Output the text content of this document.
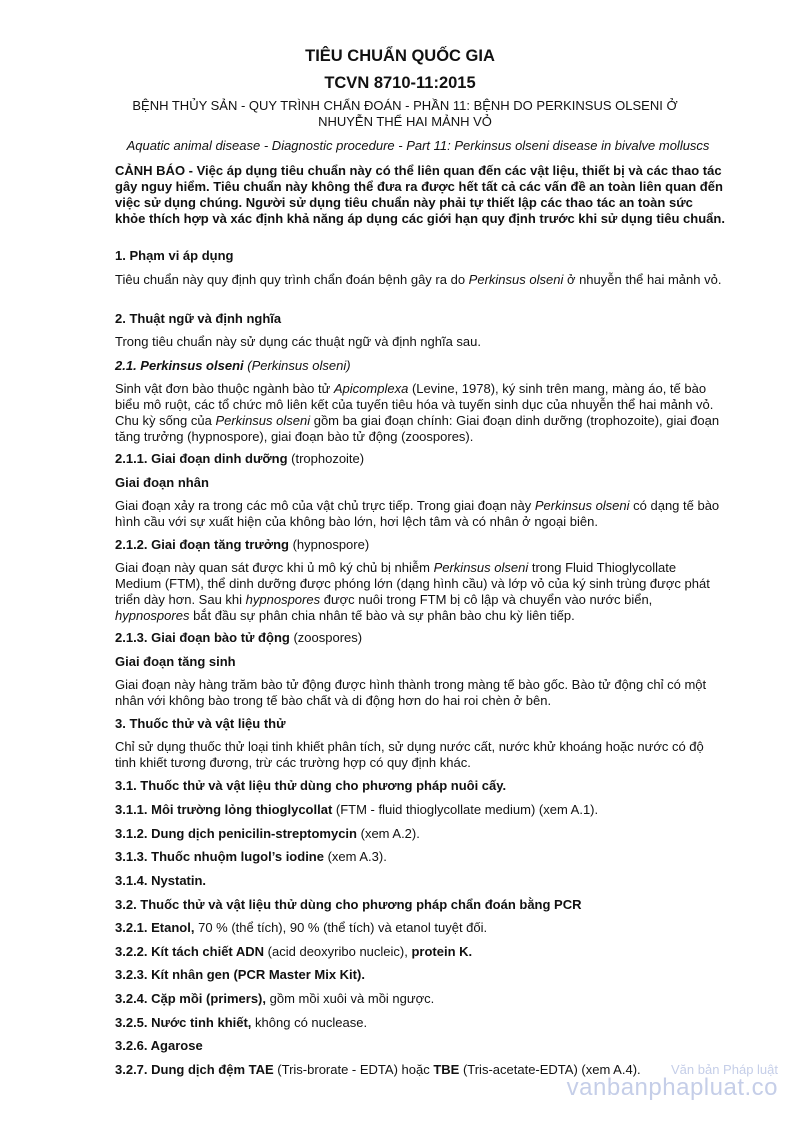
TIÊU CHUẨN QUỐC GIA
TCVN 8710-11:2015
BỆNH THỦY SẢN - QUY TRÌNH CHẨN ĐOÁN - PHẦN 11: BỆNH DO PERKINSUS OLSENI Ở
NHUYỄN THỂ HAI MẢNH VỎ
Aquatic animal disease - Diagnostic procedure - Part 11: Perkinsus olseni disease in bivalve molluscs

CẢNH BÁO - Việc áp dụng tiêu chuẩn này có thể liên quan đến các vật liệu, thiết bị và các thao tác gây nguy hiểm. Tiêu chuẩn này không thể đưa ra được hết tất cả các vấn đề an toàn liên quan đến việc sử dụng chúng. Người sử dụng tiêu chuẩn này phải tự thiết lập các thao tác an toàn sức khỏe thích hợp và xác định khả năng áp dụng các giới hạn quy định trước khi sử dụng tiêu chuẩn.

1. Phạm vi áp dụng

Tiêu chuẩn này quy định quy trình chẩn đoán bệnh gây ra do Perkinsus olseni ở nhuyễn thể hai mảnh vỏ.

2. Thuật ngữ và định nghĩa

Trong tiêu chuẩn này sử dụng các thuật ngữ và định nghĩa sau.

2.1. Perkinsus olseni (Perkinsus olseni)

Sinh vật đơn bào thuộc ngành bào tử Apicomplexa (Levine, 1978), ký sinh trên mang, màng áo, tế bào biểu mô ruột, các tổ chức mô liên kết của tuyến tiêu hóa và tuyến sinh dục của nhuyễn thể hai mảnh vỏ. Chu kỳ sống của Perkinsus olseni gồm ba giai đoạn chính: Giai đoạn dinh dưỡng (trophozoite), giai đoạn tăng trưởng (hypnospore), giai đoạn bào tử động (zoospores).

2.1.1. Giai đoạn dinh dưỡng (trophozoite)

Giai đoạn nhân

Giai đoạn xảy ra trong các mô của vật chủ trực tiếp. Trong giai đoạn này Perkinsus olseni có dạng tế bào hình cầu với sự xuất hiện của không bào lớn, hơi lệch tâm và có nhân ở ngoại biên.

2.1.2. Giai đoạn tăng trưởng (hypnospore)

Giai đoạn này quan sát được khi ủ mô ký chủ bị nhiễm Perkinsus olseni trong Fluid Thioglycollate Medium (FTM), thể dinh dưỡng được phóng lớn (dạng hình cầu) và lớp vỏ của ký sinh trùng được phát triển dày hơn. Sau khi hypnospores được nuôi trong FTM bị cô lập và chuyển vào nước biển, hypnospores bắt đầu sự phân chia nhân tế bào và sự phân bào chu kỳ liên tiếp.

2.1.3. Giai đoạn bào tử động (zoospores)

Giai đoạn tăng sinh

Giai đoạn này hàng trăm bào tử động được hình thành trong màng tế bào gốc. Bào tử động chỉ có một nhân với không bào trong tế bào chất và di động hơn do hai roi chèn ở bên.

3. Thuốc thử và vật liệu thử

Chỉ sử dụng thuốc thử loại tinh khiết phân tích, sử dụng nước cất, nước khử khoáng hoặc nước có độ tinh khiết tương đương, trừ các trường hợp có quy định khác.

3.1. Thuốc thử và vật liệu thử dùng cho phương pháp nuôi cấy.

3.1.1. Môi trường lỏng thioglycollat (FTM - fluid thioglycollate medium) (xem A.1).

3.1.2. Dung dịch penicilin-streptomycin (xem A.2).

3.1.3. Thuốc nhuộm lugol’s iodine (xem A.3).

3.1.4. Nystatin.

3.2. Thuốc thử và vật liệu thử dùng cho phương pháp chẩn đoán bằng PCR

3.2.1. Etanol, 70 % (thể tích), 90 % (thể tích) và etanol tuyệt đối.

3.2.2. Kít tách chiết ADN (acid deoxyribo nucleic), protein K.

3.2.3. Kít nhân gen (PCR Master Mix Kit).

3.2.4. Cặp mồi (primers), gồm mồi xuôi và mồi ngược.

3.2.5. Nước tinh khiết, không có nuclease.

3.2.6. Agarose

3.2.7. Dung dịch đệm TAE (Tris-brorate - EDTA) hoặc TBE (Tris-acetate-EDTA) (xem A.4).	Văn bản Pháp luật
vanbanphapluat.co
